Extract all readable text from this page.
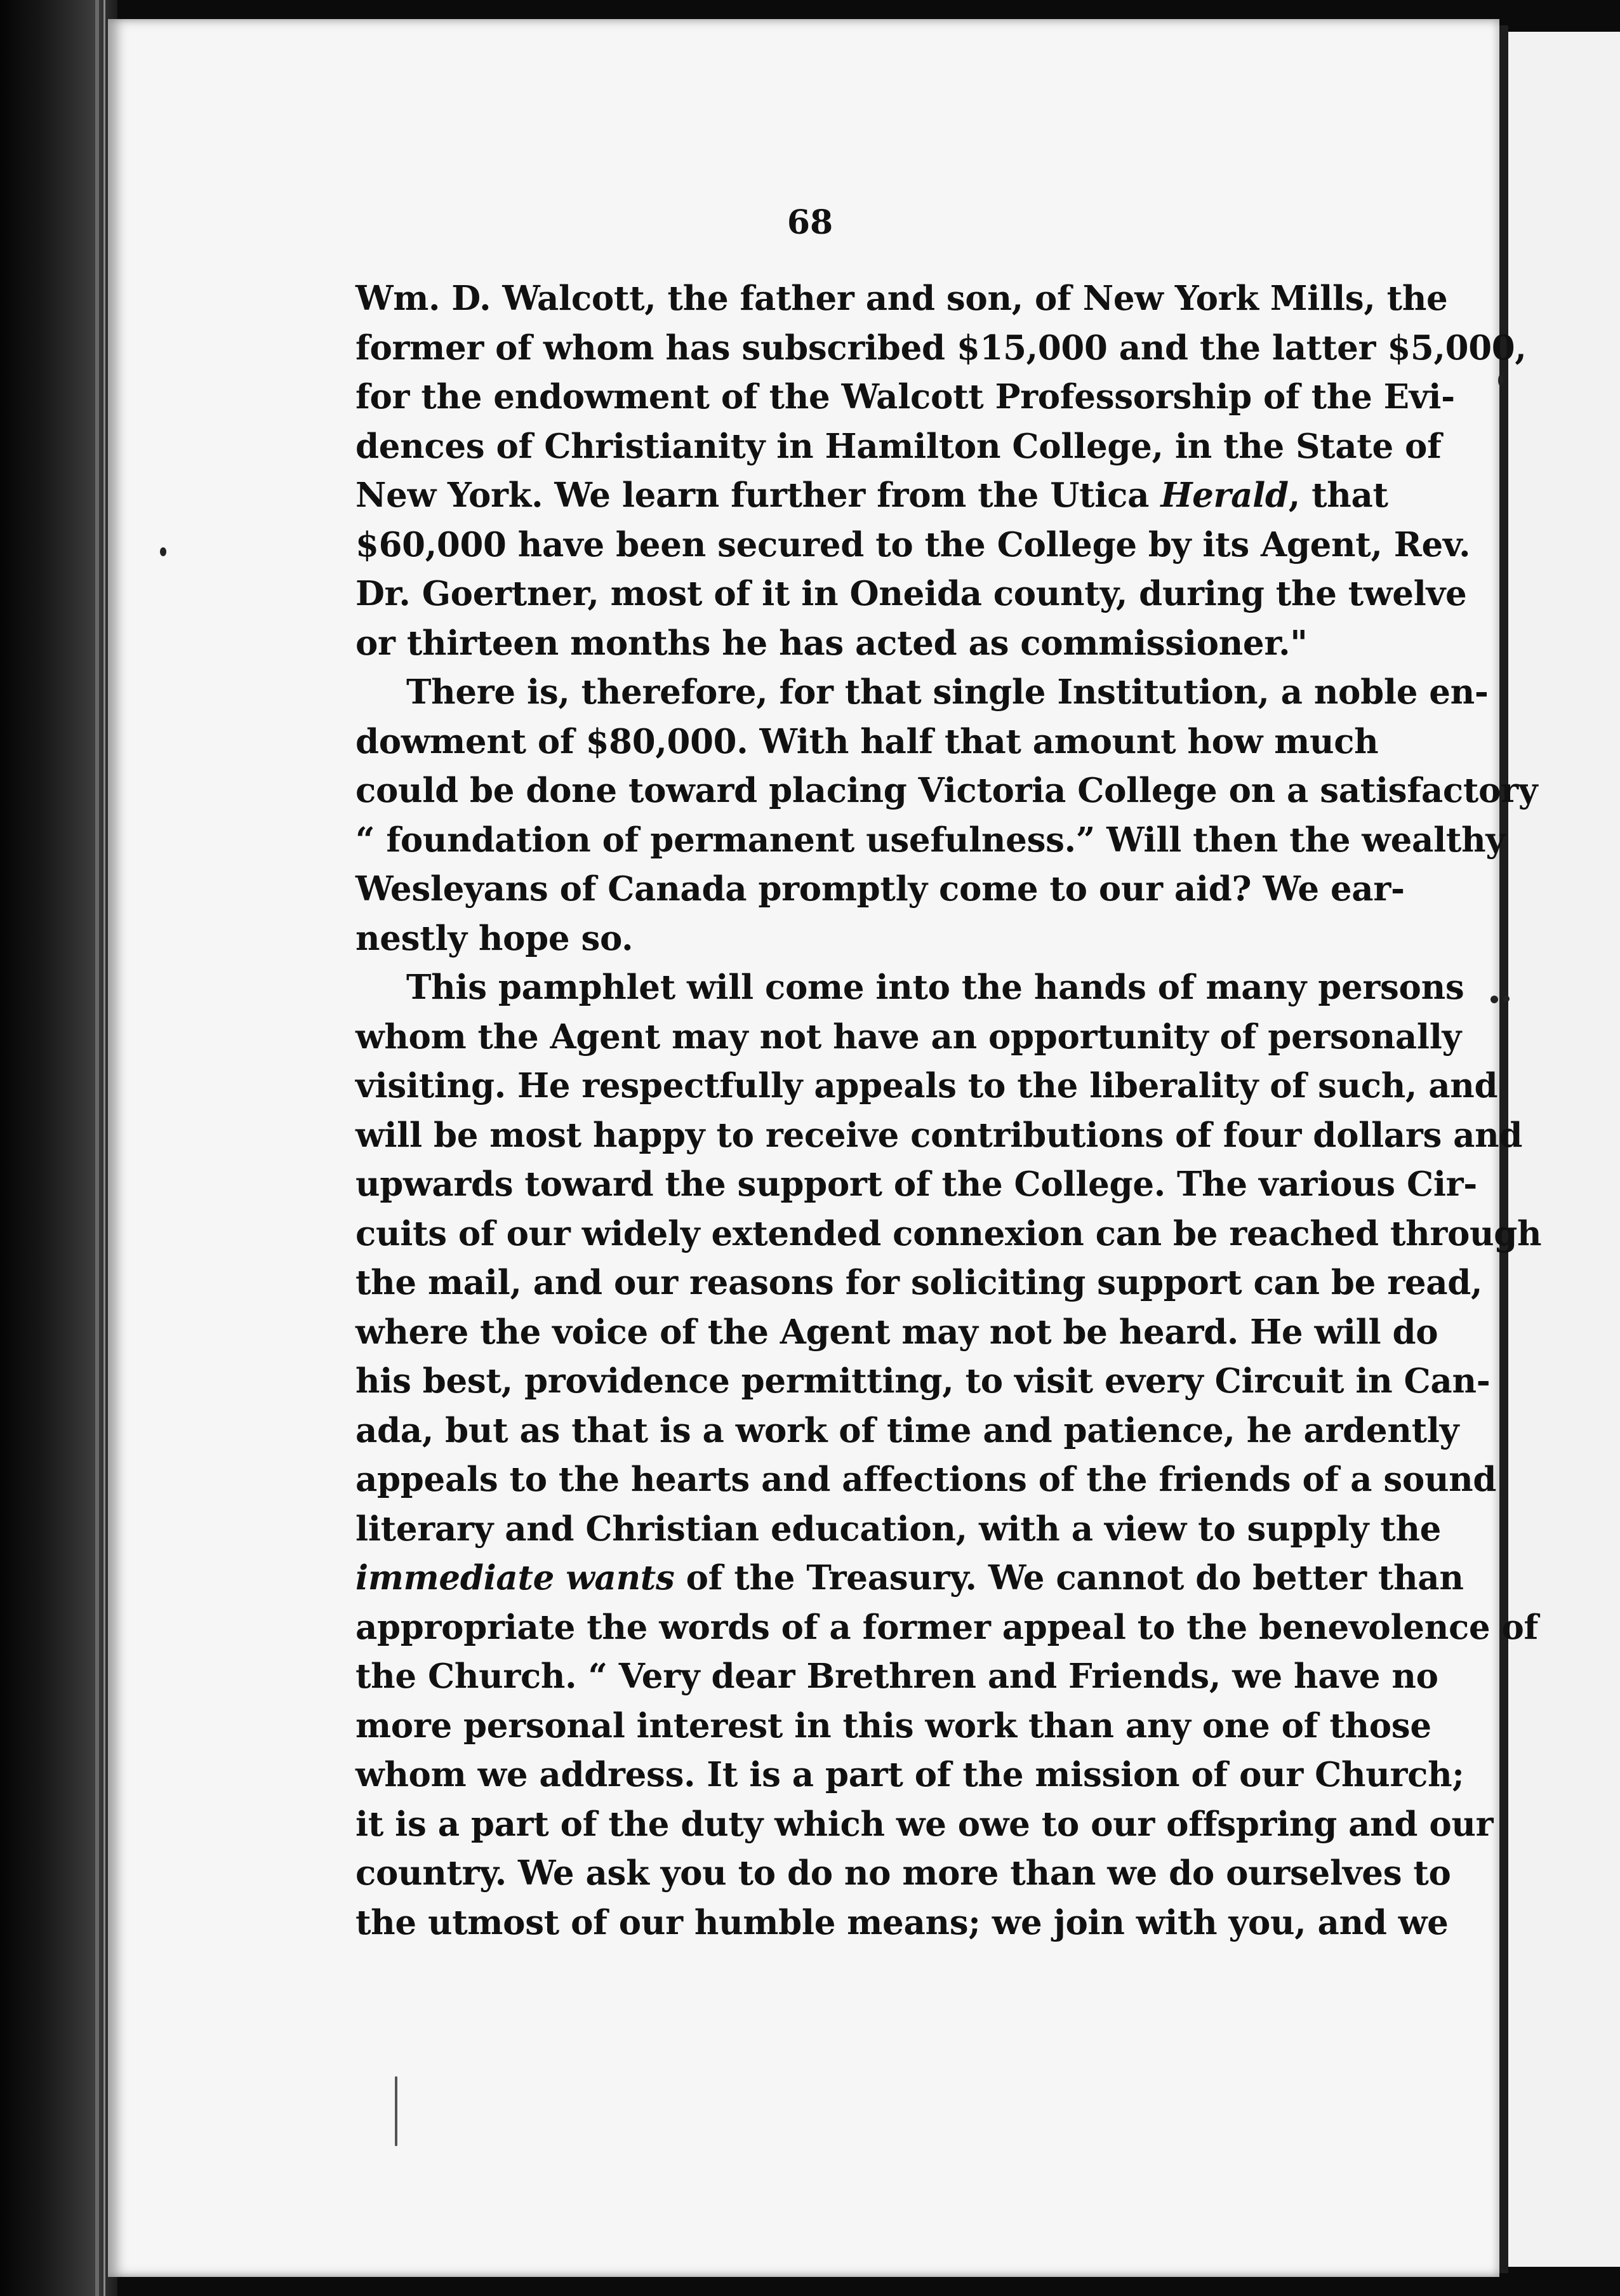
68
Wm. D. Walcott, the father and son, of New York Mills, the
former of whom has subscribed $15,000 and the latter $5,000,
for the endowment of the Walcott Professorship of the Evi-
dences of Christianity in Hamilton College, in the State of
New York. We learn further from the Utica Herald, that
$60,000 have been secured to the College by its Agent, Rev.
Dr. Goertner, most of it in Oneida county, during the twelve
or thirteen months he has acted as commissioner."
There is, therefore, for that single Institution, a noble en-
dowment of $80,000. With half that amount how much
could be done toward placing Victoria College on a satisfactory
“ foundation of permanent usefulness.” Will then the wealthy
Wesleyans of Canada promptly come to our aid? We ear-
nestly hope so.
This pamphlet will come into the hands of many persons
whom the Agent may not have an opportunity of personally
visiting. He respectfully appeals to the liberality of such, and
will be most happy to receive contributions of four dollars and
upwards toward the support of the College. The various Cir-
cuits of our widely extended connexion can be reached through
the mail, and our reasons for soliciting support can be read,
where the voice of the Agent may not be heard. He will do
his best, providence permitting, to visit every Circuit in Can-
ada, but as that is a work of time and patience, he ardently
appeals to the hearts and affections of the friends of a sound
literary and Christian education, with a view to supply the
immediate wants of the Treasury. We cannot do better than
appropriate the words of a former appeal to the benevolence of
the Church. “ Very dear Brethren and Friends, we have no
more personal interest in this work than any one of those
whom we address. It is a part of the mission of our Church;
it is a part of the duty which we owe to our offspring and our
country. We ask you to do no more than we do ourselves to
the utmost of our humble means; we join with you, and we
